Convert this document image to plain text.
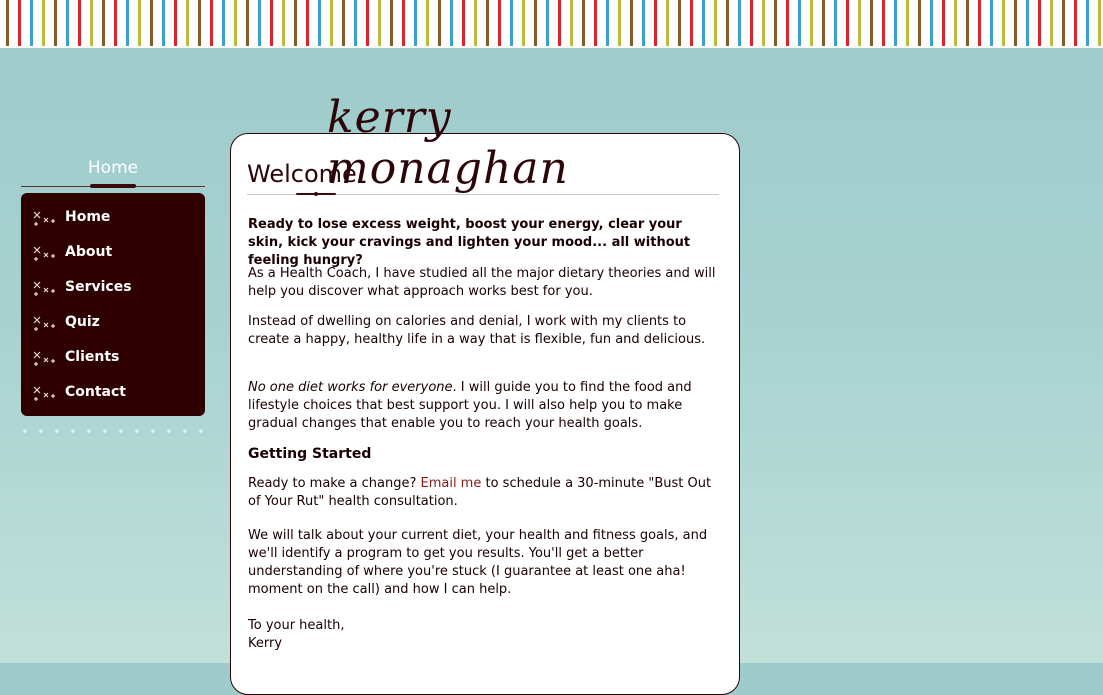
kerry monaghan
Home
Home
About
Services
Quiz
Clients
Contact
Welcome
Ready to lose excess weight, boost your energy, clear your skin, kick your cravings and lighten your mood... all without feeling hungry?
As a Health Coach, I have studied all the major dietary theories and will help you discover what approach works best for you.
Instead of dwelling on calories and denial, I work with my clients to create a happy, healthy life in a way that is flexible, fun and delicious.
No one diet works for everyone. I will guide you to find the food and lifestyle choices that best support you. I will also help you to make gradual changes that enable you to reach your health goals.
Getting Started
Ready to make a change? Email me to schedule a 30-minute "Bust Out of Your Rut" health consultation.
We will talk about your current diet, your health and fitness goals, and we'll identify a program to get you results. You'll get a better understanding of where you're stuck (I guarantee at least one aha! moment on the call) and how I can help.
To your health,
Kerry
